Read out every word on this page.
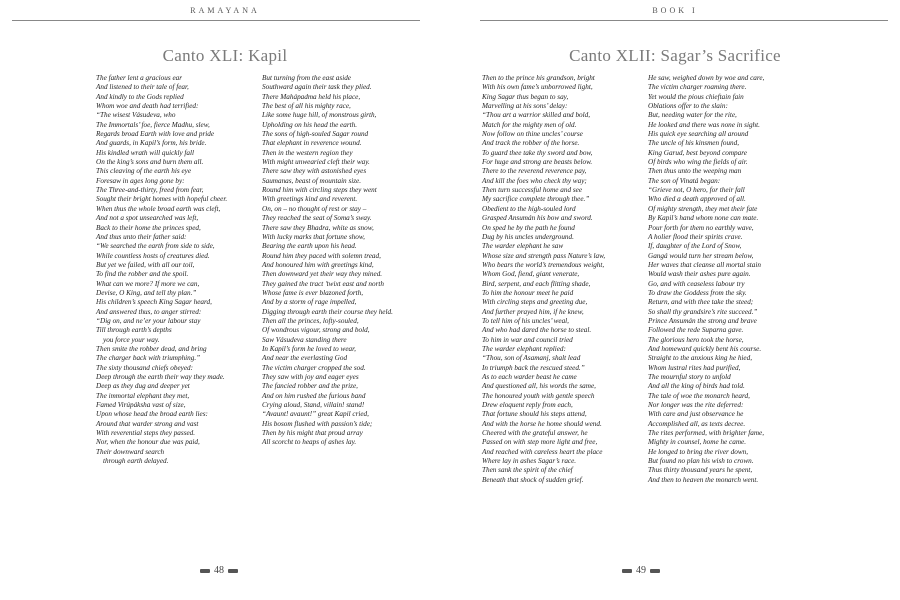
RAMAYANA
Canto XLI: Kapil
The father lent a gracious ear
And listened to their tale of fear,
And kindly to the Gods replied
Whom woe and death had terrified:
“The wisest Vásudeva, who
The Immortals’ foe, fierce Madhu, slew,
Regards broad Earth with love and pride
And guards, in Kapil’s form, his bride.
His kindled wrath will quickly fall
On the king’s sons and burn them all.
This cleaving of the earth his eye
Foresaw in ages long gone by:
The Three-and-thirty, freed from fear,
Sought their bright homes with hopeful cheer.
When thus the whole broad earth was cleft,
And not a spot unsearched was left,
Back to their home the princes sped,
And thus unto their father said:
“We searched the earth from side to side,
While countless hosts of creatures died.
But yet we failed, with all our toil,
To find the robber and the spoil.
What can we more? If more we can,
Devise, O King, and tell thy plan.”
His children’s speech King Sagar heard,
And answered thus, to anger stirred:
“Dig on, and ne’er your labour stay
Till through earth’s depths
you force your way.
Then smite the robber dead, and bring
The charger back with triumphing.”
The sixty thousand chiefs obeyed:
Deep through the earth their way they made.
Deep as they dug and deeper yet
The immortal elephant they met,
Famed Virúpáksha vast of size,
Upon whose head the broad earth lies:
Around that warder strong and vast
With reverential steps they passed.
Nor, when the honour due was paid,
Their downward search
through earth delayed.
But turning from the east aside
Southward again their task they plied.
There Mahápadma held his place,
The best of all his mighty race,
Like some huge hill, of monstrous girth,
Upholding on his head the earth.
The sons of high-souled Sagar round
That elephant in reverence wound.
Then in the western region they
With might unwearied cleft their way.
There saw they with astonished eyes
Saumanas, beast of mountain size.
Round him with circling steps they went
With greetings kind and reverent.
On, on – no thought of rest or stay –
They reached the seat of Soma’s sway.
There saw they Bhadra, white as snow,
With lucky marks that fortune show,
Bearing the earth upon his head.
Round him they paced with solemn tread,
And honoured him with greetings kind,
Then downward yet their way they mined.
They gained the tract ’twixt east and north
Whose fame is ever blazoned forth,
And by a storm of rage impelled,
Digging through earth their course they held.
Then all the princes, lofty-souled,
Of wondrous vigour, strong and bold,
Saw Vásudeva standing there
In Kapil’s form he loved to wear,
And near the everlasting God
The victim charger cropped the sod.
They saw with joy and eager eyes
The fancied robber and the prize,
And on him rushed the furious band
Crying aloud, Stand, villain! stand!
“Avaunt! avaunt!” great Kapil cried,
His bosom flushed with passion’s tide;
Then by his might that proud array
All scorcht to heaps of ashes lay.
48
BOOK I
Canto XLII: Sagar’s Sacrifice
Then to the prince his grandson, bright
With his own fame’s unborrowed light,
King Sagar thus began to say,
Marvelling at his sons’ delay:
“Thou art a warrior skilled and bold,
Match for the mighty men of old.
Now follow on thine uncles’ course
And track the robber of the horse.
To guard thee take thy sword and bow,
For huge and strong are beasts below.
There to the reverend reverence pay,
And kill the foes who check thy way;
Then turn successful home and see
My sacrifice complete through thee.”
Obedient to the high-souled lord
Grasped Ansumán his bow and sword.
On sped he by the path he found
Dug by his uncles underground.
The warder elephant he saw
Whose size and strength pass Nature’s law,
Who bears the world’s tremendous weight,
Whom God, fiend, giant venerate,
Bird, serpent, and each flitting shade,
To him the honour meet he paid
With circling steps and greeting due,
And further prayed him, if he knew,
To tell him of his uncles’ weal,
And who had dared the horse to steal.
To him in war and council tried
The warder elephant replied:
“Thou, son of Asamanj, shalt lead
In triumph back the rescued steed.”
As to each warder beast he came
And questioned all, his words the same,
The honoured youth with gentle speech
Drew eloquent reply from each,
That fortune should his steps attend,
And with the horse he home should wend.
Cheered with the grateful answer, he
Passed on with step more light and free,
And reached with careless heart the place
Where lay in ashes Sagar’s race.
Then sank the spirit of the chief
Beneath that shock of sudden grief.
He saw, weighed down by woe and care,
The victim charger roaming there.
Yet would the pious chieftain fain
Oblations offer to the slain:
But, needing water for the rite,
He looked and there was none in sight.
His quick eye searching all around
The uncle of his kinsmen found,
King Garud, best beyond compare
Of birds who wing the fields of air.
Then thus unto the weeping man
The son of Vinatá began:
“Grieve not, O hero, for their fall
Who died a death approved of all.
Of mighty strength, they met their fate
By Kapil’s hand whom none can mate.
Pour forth for them no earthly wave,
A holier flood their spirits crave.
If, daughter of the Lord of Snow,
Gangá would turn her stream below,
Her waves that cleanse all mortal stain
Would wash their ashes pure again.
Go, and with ceaseless labour try
To draw the Goddess from the sky.
Return, and with thee take the steed;
So shall thy grandsire’s rite succeed.”
Prince Ansumán the strong and brave
Followed the rede Suparna gave.
The glorious hero took the horse,
And homeward quickly bent his course.
Straight to the anxious king he hied,
Whom lustral rites had purified,
The mournful story to unfold
And all the king of birds had told.
The tale of woe the monarch heard,
Nor longer was the rite deferred:
With care and just observance he
Accomplished all, as texts decree.
The rites performed, with brighter fame,
Mighty in counsel, home he came.
He longed to bring the river down,
But found no plan his wish to crown.
Thus thirty thousand years he spent,
And then to heaven the monarch went.
49
